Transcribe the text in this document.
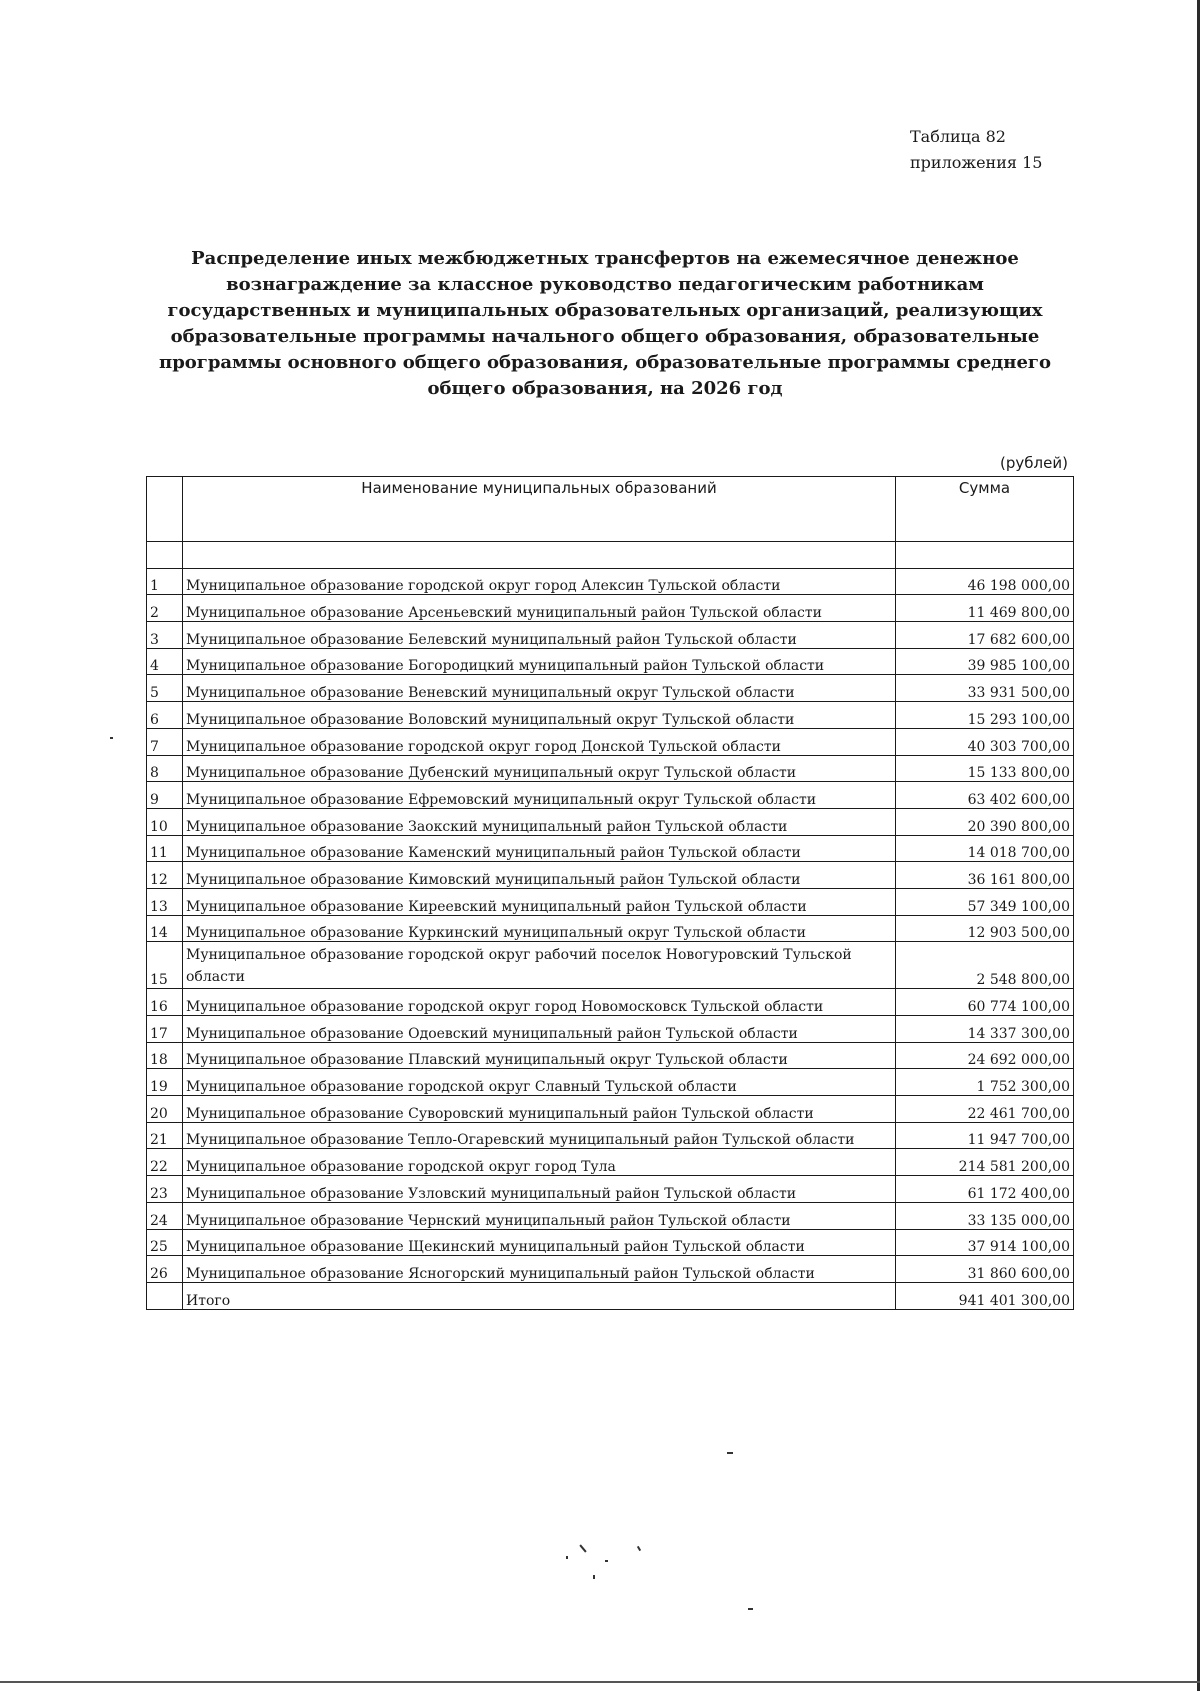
Таблица 82
приложения 15
Распределение иных межбюджетных трансфертов на ежемесячное денежное вознаграждение за классное руководство педагогическим работникам государственных и муниципальных образовательных организаций, реализующих образовательные программы начального общего образования, образовательные программы основного общего образования, образовательные программы среднего общего образования, на 2026 год
(рублей)
	Наименование муниципальных образований	Сумма

1	Муниципальное образование городской округ город Алексин Тульской области	46 198 000,00
2	Муниципальное образование Арсеньевский муниципальный район Тульской области	11 469 800,00
3	Муниципальное образование Белевский муниципальный район Тульской области	17 682 600,00
4	Муниципальное образование Богородицкий муниципальный район Тульской области	39 985 100,00
5	Муниципальное образование Веневский муниципальный округ Тульской области	33 931 500,00
6	Муниципальное образование Воловский муниципальный округ Тульской области	15 293 100,00
7	Муниципальное образование городской округ город Донской Тульской области	40 303 700,00
8	Муниципальное образование Дубенский муниципальный округ Тульской области	15 133 800,00
9	Муниципальное образование Ефремовский муниципальный округ Тульской области	63 402 600,00
10	Муниципальное образование Заокский муниципальный район Тульской области	20 390 800,00
11	Муниципальное образование Каменский муниципальный район Тульской области	14 018 700,00
12	Муниципальное образование Кимовский муниципальный район Тульской области	36 161 800,00
13	Муниципальное образование Киреевский муниципальный район Тульской области	57 349 100,00
14	Муниципальное образование Куркинский муниципальный округ Тульской области	12 903 500,00
15	Муниципальное образование городской округ рабочий поселок Новогуровский Тульской области	2 548 800,00
16	Муниципальное образование городской округ город Новомосковск Тульской области	60 774 100,00
17	Муниципальное образование Одоевский муниципальный район Тульской области	14 337 300,00
18	Муниципальное образование Плавский муниципальный округ Тульской области	24 692 000,00
19	Муниципальное образование городской округ Славный Тульской области	1 752 300,00
20	Муниципальное образование Суворовский муниципальный район Тульской области	22 461 700,00
21	Муниципальное образование Тепло-Огаревский муниципальный район Тульской области	11 947 700,00
22	Муниципальное образование городской округ город Тула	214 581 200,00
23	Муниципальное образование Узловский муниципальный район Тульской области	61 172 400,00
24	Муниципальное образование Чернский муниципальный район Тульской области	33 135 000,00
25	Муниципальное образование Щекинский муниципальный район Тульской области	37 914 100,00
26	Муниципальное образование Ясногорский муниципальный район Тульской области	31 860 600,00
	Итого	941 401 300,00
